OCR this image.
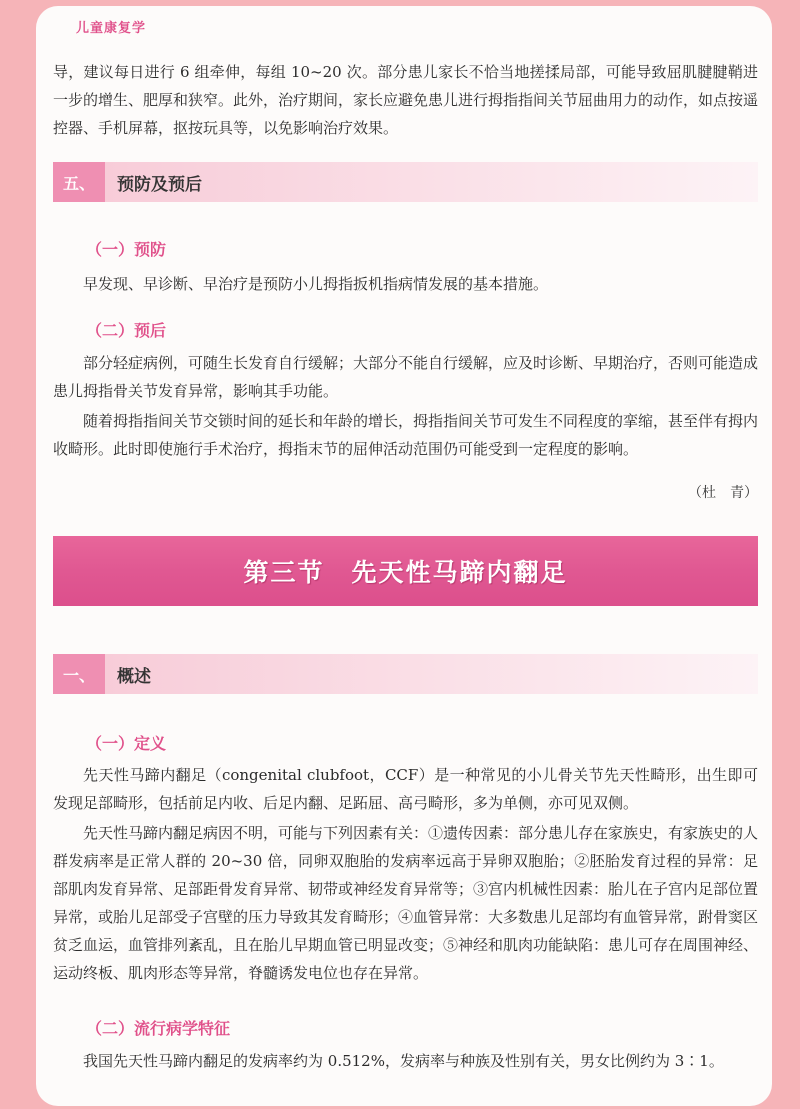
儿童康复学

导，建议每日进行 6 组牵伸，每组 10~20 次。部分患儿家长不恰当地搓揉局部，可能导致屈肌腱腱鞘进一步的增生、肥厚和狭窄。此外，治疗期间，家长应避免患儿进行拇指指间关节屈曲用力的动作，如点按遥控器、手机屏幕，抠按玩具等，以免影响治疗效果。

五、	预防及预后
（一）预防

早发现、早诊断、早治疗是预防小儿拇指扳机指病情发展的基本措施。

（二）预后

部分轻症病例，可随生长发育自行缓解；大部分不能自行缓解，应及时诊断、早期治疗，否则可能造成患儿拇指骨关节发育异常，影响其手功能。

随着拇指指间关节交锁时间的延长和年龄的增长，拇指指间关节可发生不同程度的挛缩，甚至伴有拇内收畸形。此时即使施行手术治疗，拇指末节的屈伸活动范围仍可能受到一定程度的影响。

（杜　青）
第三节　先天性马蹄内翻足
一、	概述
（一）定义

先天性马蹄内翻足（congenital clubfoot，CCF）是一种常见的小儿骨关节先天性畸形，出生即可发现足部畸形，包括前足内收、后足内翻、足跖屈、高弓畸形，多为单侧，亦可见双侧。

先天性马蹄内翻足病因不明，可能与下列因素有关：①遗传因素：部分患儿存在家族史，有家族史的人群发病率是正常人群的 20~30 倍，同卵双胞胎的发病率远高于异卵双胞胎；②胚胎发育过程的异常：足部肌肉发育异常、足部距骨发育异常、韧带或神经发育异常等；③宫内机械性因素：胎儿在子宫内足部位置异常，或胎儿足部受子宫壁的压力导致其发育畸形；④血管异常：大多数患儿足部均有血管异常，跗骨窦区贫乏血运，血管排列紊乱，且在胎儿早期血管已明显改变；⑤神经和肌肉功能缺陷：患儿可存在周围神经、运动终板、肌肉形态等异常，脊髓诱发电位也存在异常。

（二）流行病学特征

我国先天性马蹄内翻足的发病率约为 0.512%，发病率与种族及性别有关，男女比例约为 3∶1。
